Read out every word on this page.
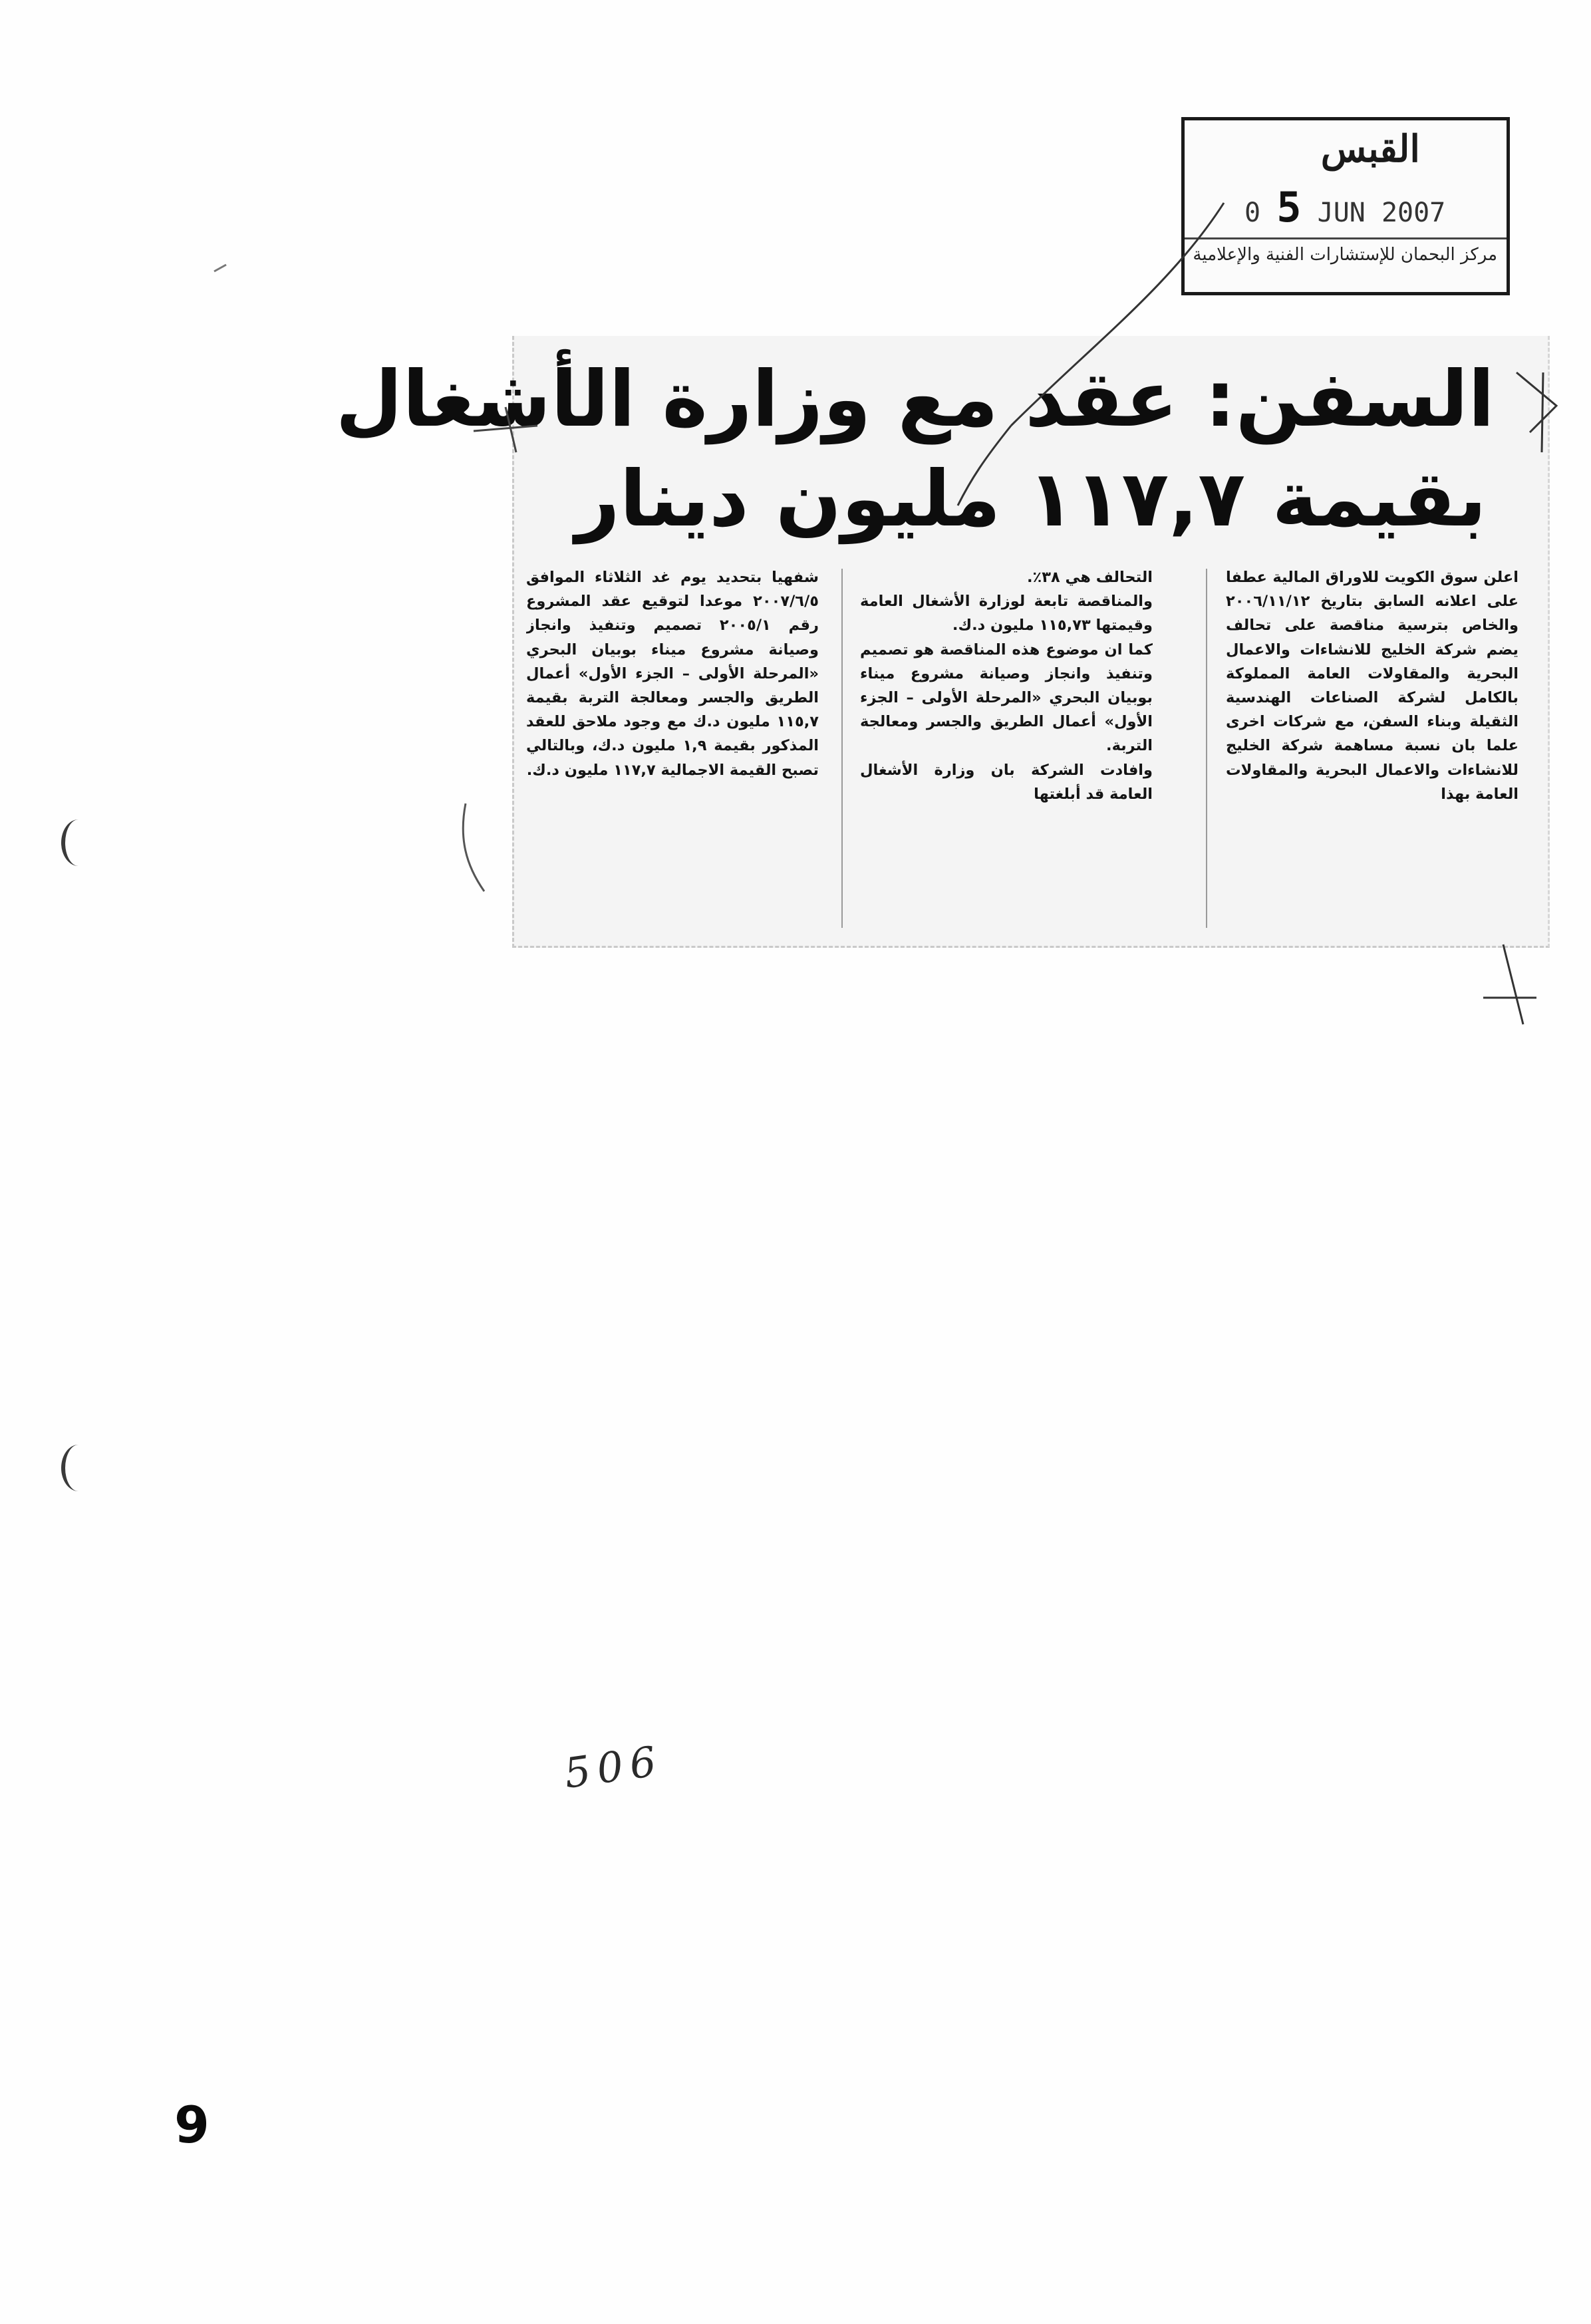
القبس
0 5 JUN 2007
مركز البحمان للإستشارات الفنية والإعلامية
السفن: عقد مع وزارة الأشغال
بقيمة ١١٧,٧ مليون دينار

اعلن سوق الكويت للاوراق المالية عطفا على اعلانه السابق بتاريخ ٢٠٠٦/١١/١٢ والخاص بترسية مناقصة على تحالف يضم شركة الخليج للانشاءات والاعمال البحرية والمقاولات العامة المملوكة بالكامل لشركة الصناعات الهندسية الثقيلة وبناء السفن، مع شركات اخرى علما بان نسبة مساهمة شركة الخليج للانشاءات والاعمال البحرية والمقاولات العامة بهذا

التحالف هي ٣٨٪.

والمناقصة تابعة لوزارة الأشغال العامة وقيمتها ١١٥,٧٣ مليون د.ك.

كما ان موضوع هذه المناقصة هو تصميم وتنفيذ وانجاز وصيانة مشروع ميناء بوبيان البحري «المرحلة الأولى – الجزء الأول» أعمال الطريق والجسر ومعالجة التربة.

وافادت الشركة بان وزارة الأشغال العامة قد أبلغتها

شفهيا بتحديد يوم غد الثلاثاء الموافق ٢٠٠٧/٦/٥ موعدا لتوقيع عقد المشروع رقم ٢٠٠٥/١ تصميم وتنفيذ وانجاز وصيانة مشروع ميناء بوبيان البحري «المرحلة الأولى – الجزء الأول» أعمال الطريق والجسر ومعالجة التربة بقيمة ١١٥,٧ مليون د.ك مع وجود ملاحق للعقد المذكور بقيمة ١,٩ مليون د.ك، وبالتالي تصبح القيمة الاجمالية ١١٧,٧ مليون د.ك.

506
9
